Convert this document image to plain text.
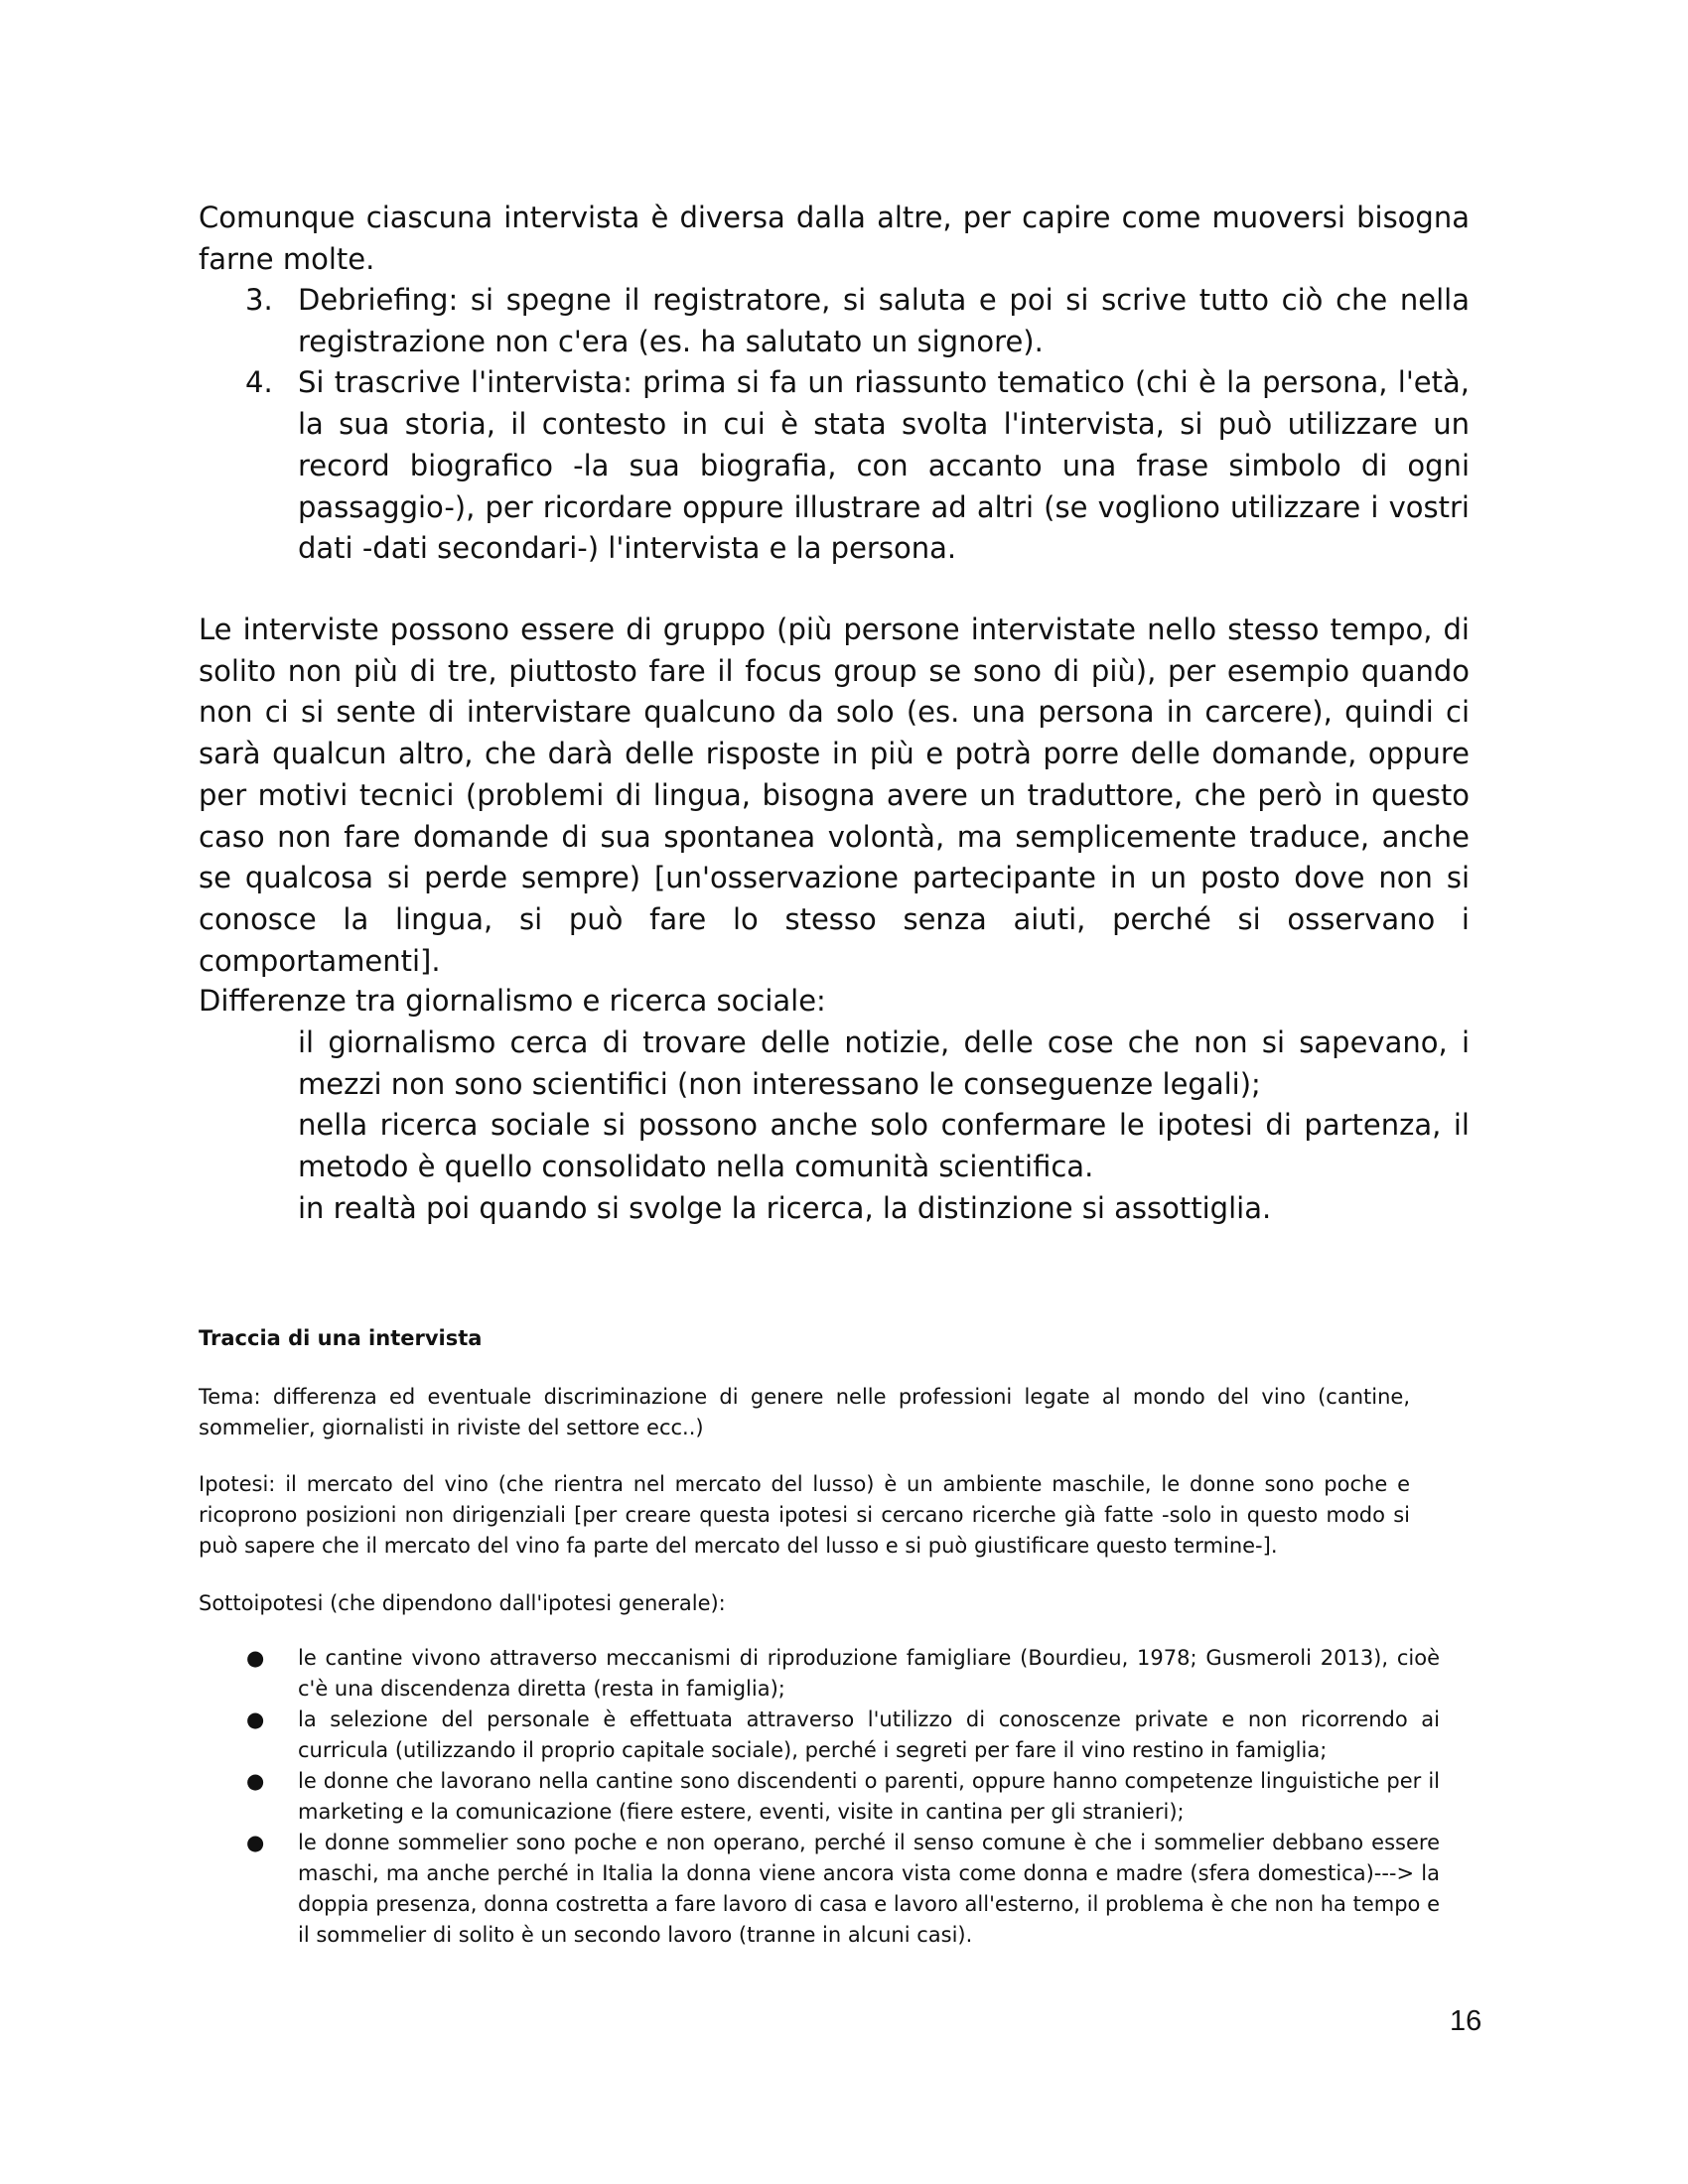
Comunque ciascuna intervista è diversa dalla altre, per capire come muoversi bisogna farne molte.

3. Debriefing: si spegne il registratore, si saluta e poi si scrive tutto ciò che nella registrazione non c'era (es. ha salutato un signore).
4. Si trascrive l'intervista: prima si fa un riassunto tematico (chi è la persona, l'età, la sua storia, il contesto in cui è stata svolta l'intervista, si può utilizzare un record biografico -la sua biografia, con accanto una frase simbolo di ogni passaggio-), per ricordare oppure illustrare ad altri (se vogliono utilizzare i vostri dati -dati secondari-) l'intervista e la persona.

Le interviste possono essere di gruppo (più persone intervistate nello stesso tempo, di solito non più di tre, piuttosto fare il focus group se sono di più), per esempio quando non ci si sente di intervistare qualcuno da solo (es. una persona in carcere), quindi ci sarà qualcun altro, che darà delle risposte in più e potrà porre delle domande, oppure per motivi tecnici (problemi di lingua, bisogna avere un traduttore, che però in questo caso non fare domande di sua spontanea volontà, ma semplicemente traduce, anche se qualcosa si perde sempre) [un'osservazione partecipante in un posto dove non si conosce la lingua, si può fare lo stesso senza aiuti, perché si osservano i comportamenti].

Differenze tra giornalismo e ricerca sociale:

il giornalismo cerca di trovare delle notizie, delle cose che non si sapevano, i mezzi non sono scientifici (non interessano le conseguenze legali);
nella ricerca sociale si possono anche solo confermare le ipotesi di partenza, il metodo è quello consolidato nella comunità scientifica.
in realtà poi quando si svolge la ricerca, la distinzione si assottiglia.
Traccia di una intervista

Tema: differenza ed eventuale discriminazione di genere nelle professioni legate al mondo del vino (cantine, sommelier, giornalisti in riviste del settore ecc..)

Ipotesi: il mercato del vino (che rientra nel mercato del lusso) è un ambiente maschile, le donne sono poche e ricoprono posizioni non dirigenziali [per creare questa ipotesi si cercano ricerche già fatte -solo in questo modo si può sapere che il mercato del vino fa parte del mercato del lusso e si può giustificare questo termine-].

Sottoipotesi (che dipendono dall'ipotesi generale):

● le cantine vivono attraverso meccanismi di riproduzione famigliare (Bourdieu, 1978; Gusmeroli 2013), cioè c'è una discendenza diretta (resta in famiglia);
● la selezione del personale è effettuata attraverso l'utilizzo di conoscenze private e non ricorrendo ai curricula (utilizzando il proprio capitale sociale), perché i segreti per fare il vino restino in famiglia;
● le donne che lavorano nella cantine sono discendenti o parenti, oppure hanno competenze linguistiche per il marketing e la comunicazione (fiere estere, eventi, visite in cantina per gli stranieri);
● le donne sommelier sono poche e non operano, perché il senso comune è che i sommelier debbano essere maschi, ma anche perché in Italia la donna viene ancora vista come donna e madre (sfera domestica)---> la doppia presenza, donna costretta a fare lavoro di casa e lavoro all'esterno, il problema è che non ha tempo e il sommelier di solito è un secondo lavoro (tranne in alcuni casi).

16
